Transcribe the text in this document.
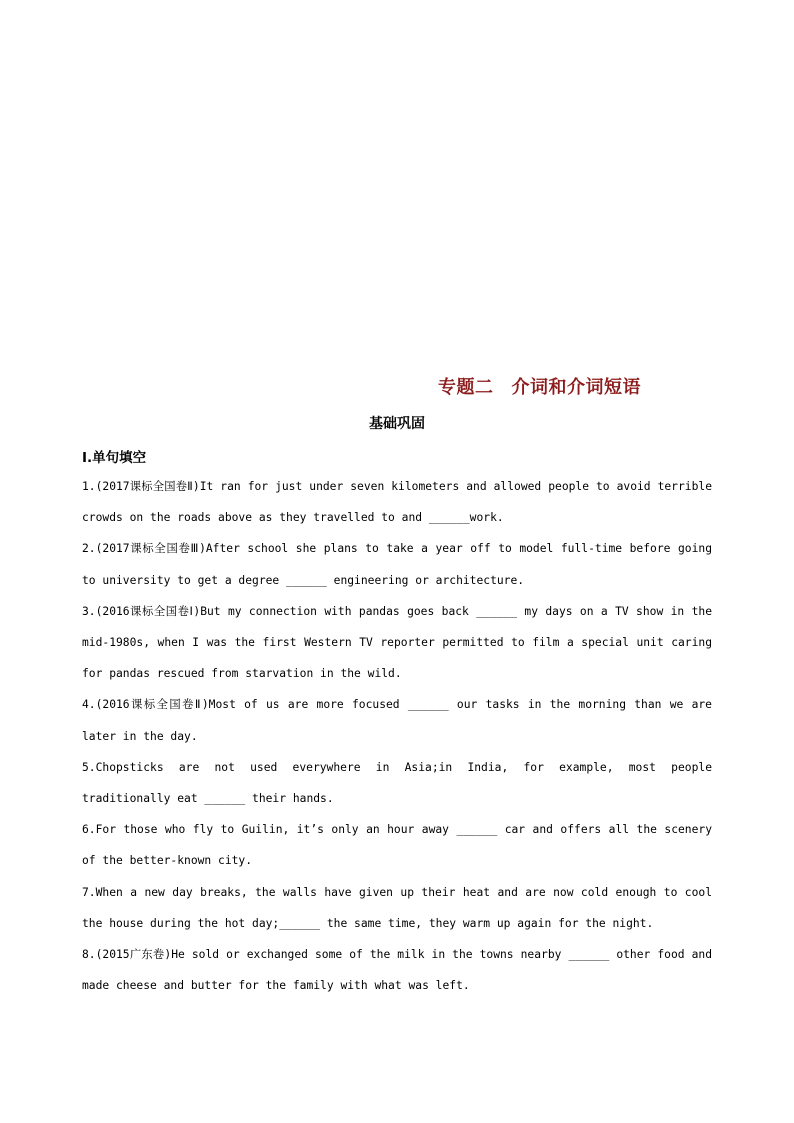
专题二 介词和介词短语
基础巩固
Ⅰ.单句填空

1.(2017课标全国卷Ⅱ)It ran for just under seven kilometers and allowed people to avoid terrible crowds on the roads above as they travelled to and ______work.

2.(2017课标全国卷Ⅲ)After school she plans to take a year off to model full-time before going to university to get a degree ______ engineering or architecture.

3.(2016课标全国卷Ⅰ)But my connection with pandas goes back ______ my days on a TV show in the mid-1980s, when I was the first Western TV reporter permitted to film a special unit caring for pandas rescued from starvation in the wild.

4.(2016课标全国卷Ⅱ)Most of us are more focused ______ our tasks in the morning than we are later in the day.

5.Chopsticks are not used everywhere in Asia;in India, for example, most people traditionally eat ______ their hands.

6.For those who fly to Guilin, it’s only an hour away ______ car and offers all the scenery of the better-known city.

7.When a new day breaks, the walls have given up their heat and are now cold enough to cool the house during the hot day;______ the same time, they warm up again for the night.

8.(2015广东卷)He sold or exchanged some of the milk in the towns nearby ______ other food and made cheese and butter for the family with what was left.
